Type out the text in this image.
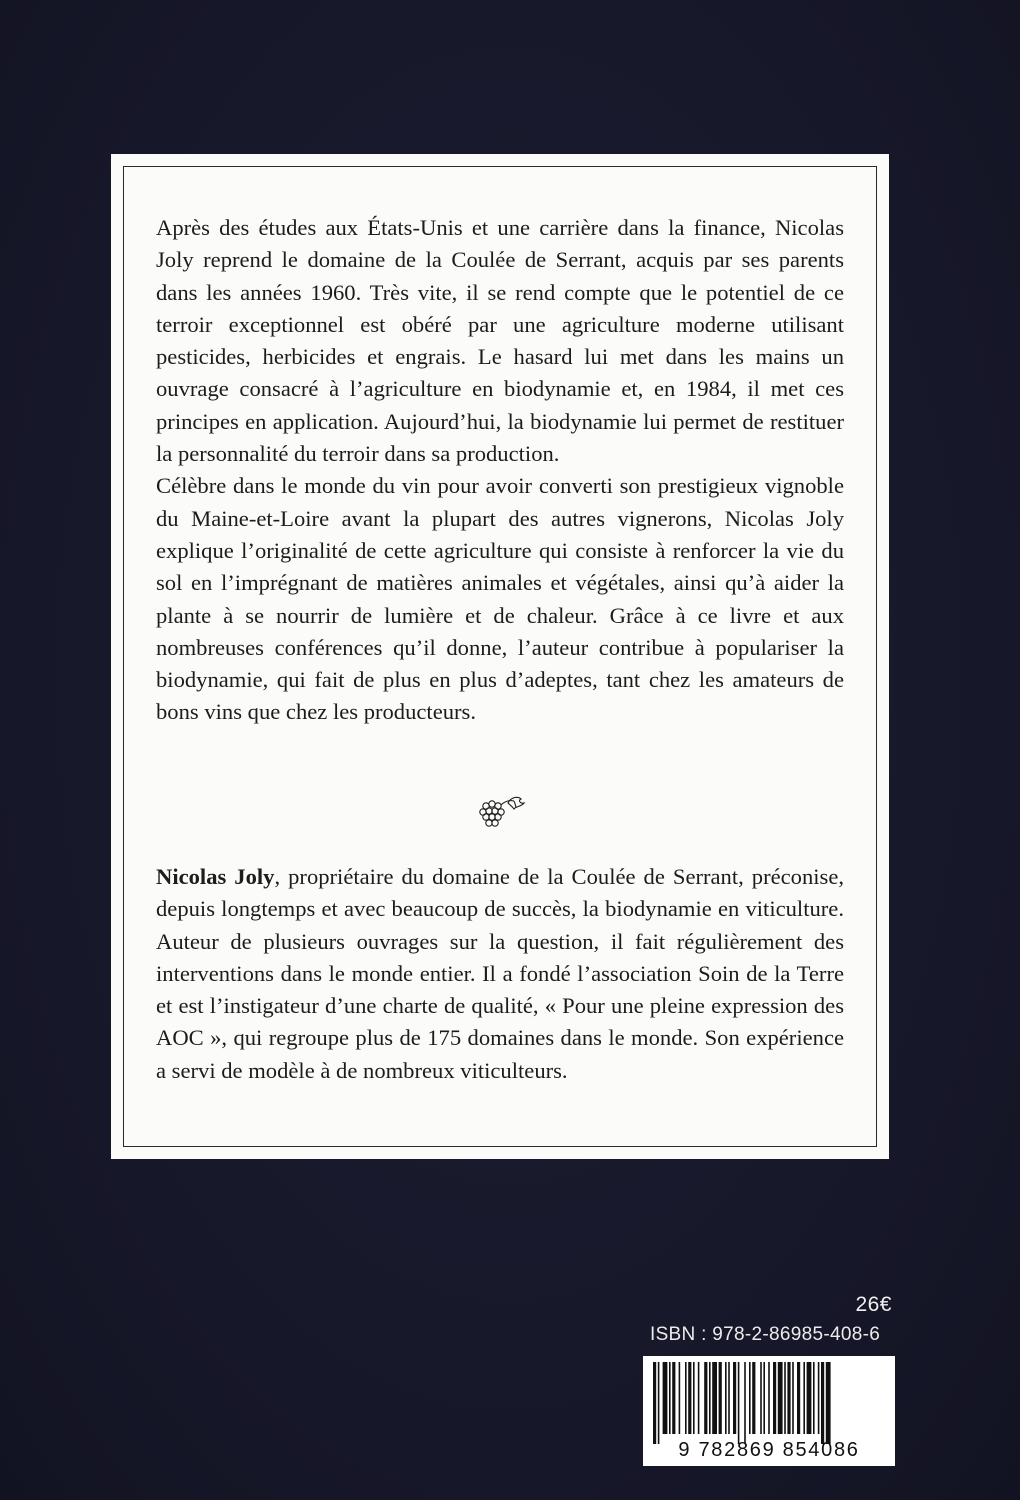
Après des études aux États-Unis et une carrière dans la finance, Nicolas Joly reprend le domaine de la Coulée de Serrant, acquis par ses parents dans les années 1960. Très vite, il se rend compte que le potentiel de ce terroir exceptionnel est obéré par une agriculture moderne utilisant pesticides, herbicides et engrais. Le hasard lui met dans les mains un ouvrage consacré à l’agriculture en biodynamie et, en 1984, il met ces principes en application. Aujourd’hui, la biodynamie lui permet de restituer la personnalité du terroir dans sa production.

Célèbre dans le monde du vin pour avoir converti son prestigieux vignoble du Maine-et-Loire avant la plupart des autres vignerons, Nicolas Joly explique l’originalité de cette agriculture qui consiste à renforcer la vie du sol en l’imprégnant de matières animales et végétales, ainsi qu’à aider la plante à se nourrir de lumière et de chaleur. Grâce à ce livre et aux nombreuses conférences qu’il donne, l’auteur contribue à populariser la biodynamie, qui fait de plus en plus d’adeptes, tant chez les amateurs de bons vins que chez les producteurs.

Nicolas Joly, propriétaire du domaine de la Coulée de Serrant, préconise, depuis longtemps et avec beaucoup de succès, la biodynamie en viticulture. Auteur de plusieurs ouvrages sur la question, il fait régulièrement des interventions dans le monde entier. Il a fondé l’association Soin de la Terre et est l’instigateur d’une charte de qualité, « Pour une pleine expression des AOC », qui regroupe plus de 175 domaines dans le monde. Son expérience a servi de modèle à de nombreux viticulteurs.

26€
ISBN : 978-2-86985-408-6
9 782869 854086
